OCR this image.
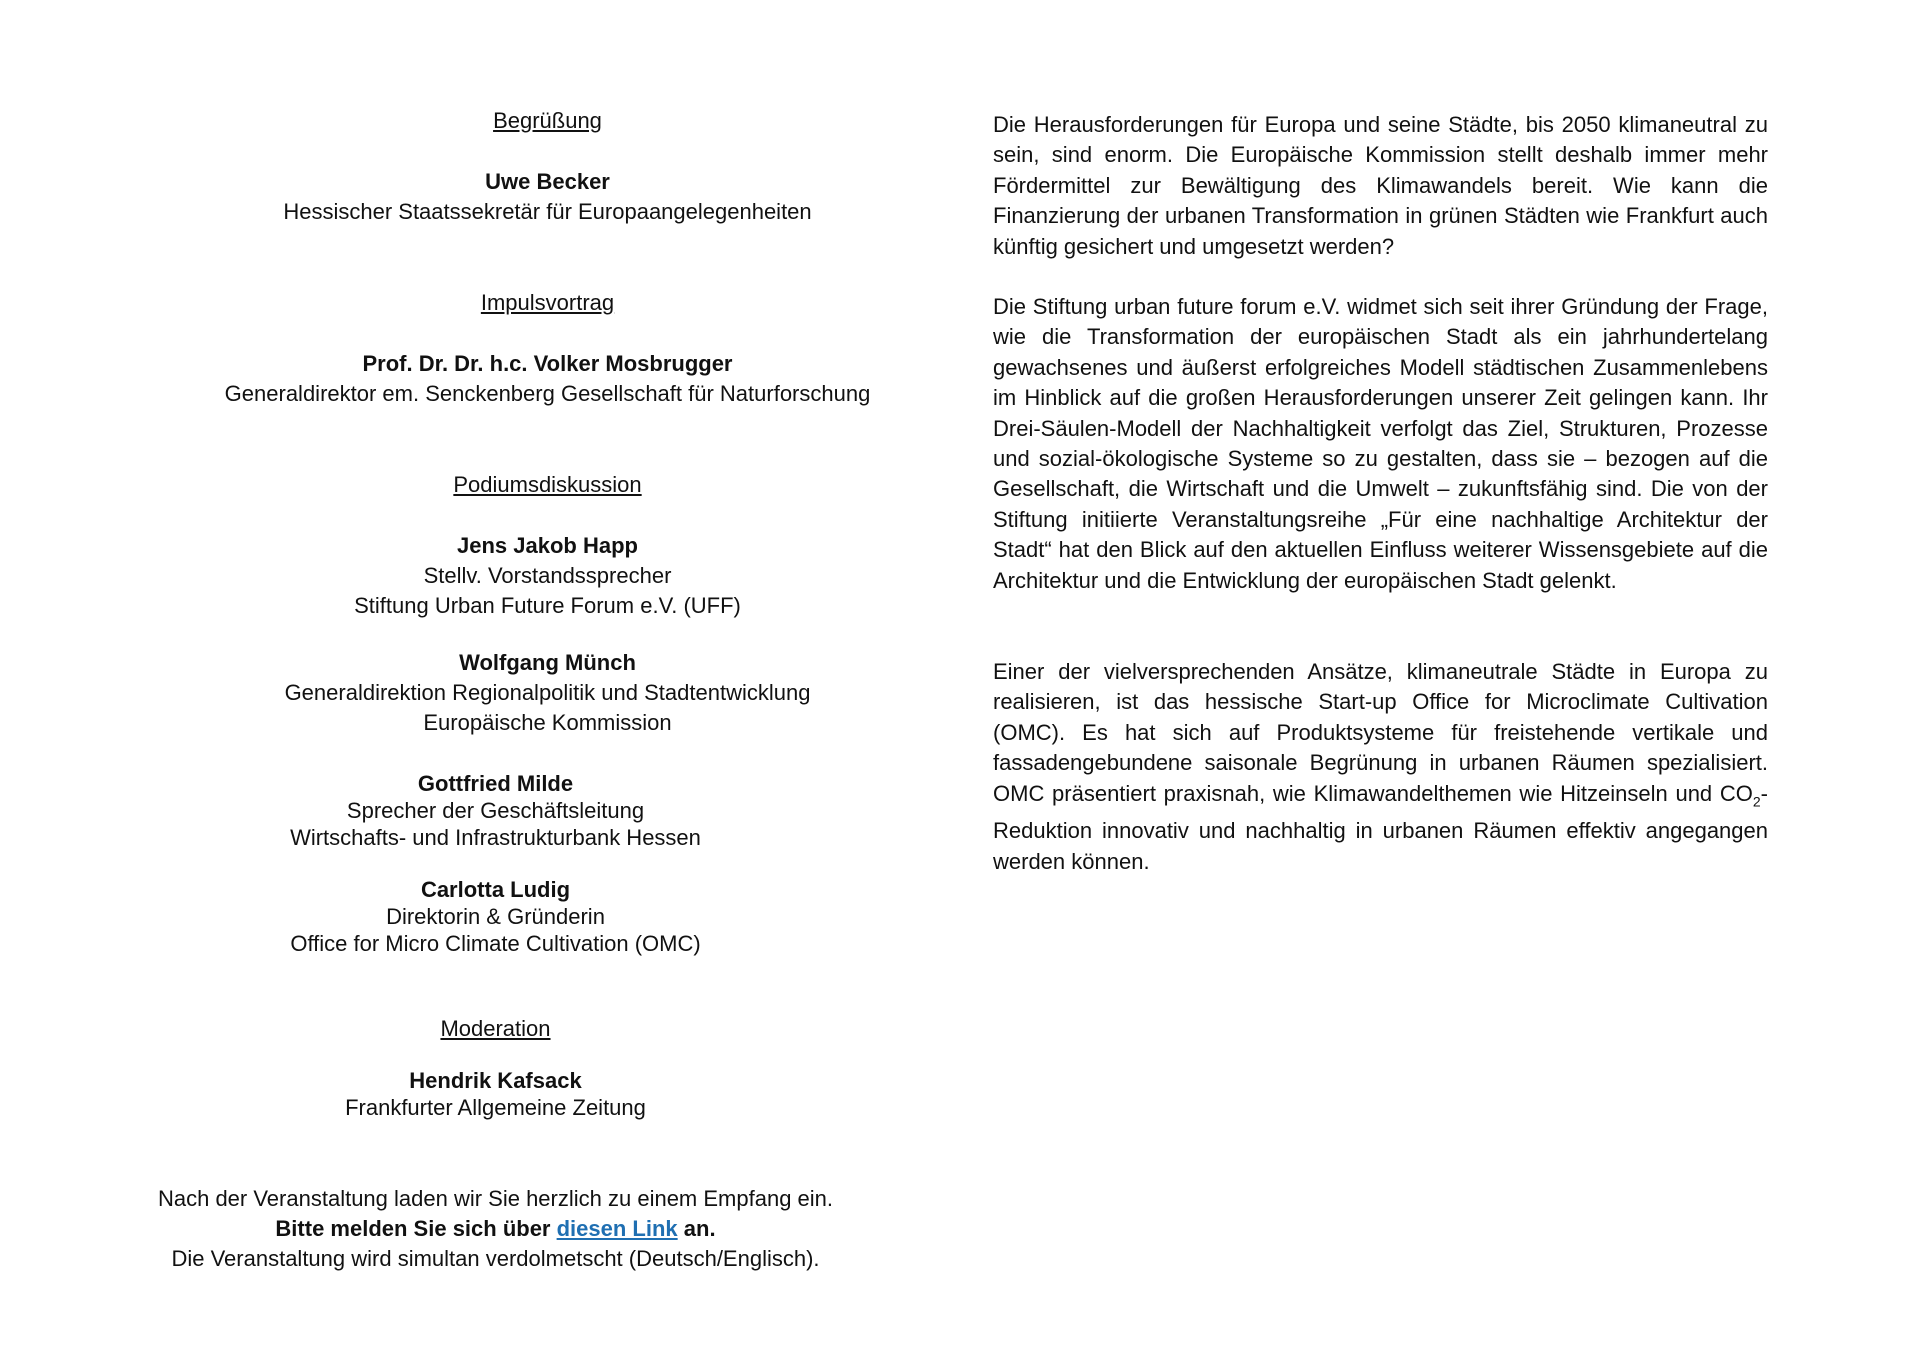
Begrüßung

Uwe Becker

Hessischer Staatssekretär für Europaangelegenheiten

Impulsvortrag

Prof. Dr. Dr. h.c. Volker Mosbrugger

Generaldirektor em. Senckenberg Gesellschaft für Naturforschung

Podiumsdiskussion

Jens Jakob Happ

Stellv. Vorstandssprecher

Stiftung Urban Future Forum e.V. (UFF)

Wolfgang Münch

Generaldirektion Regionalpolitik und Stadtentwicklung

Europäische Kommission

Gottfried Milde

Sprecher der Geschäftsleitung

Wirtschafts- und Infrastrukturbank Hessen

Carlotta Ludig

Direktorin & Gründerin

Office for Micro Climate Cultivation (OMC)

Moderation

Hendrik Kafsack

Frankfurter Allgemeine Zeitung

Nach der Veranstaltung laden wir Sie herzlich zu einem Empfang ein.

Bitte melden Sie sich über diesen Link an.

Die Veranstaltung wird simultan verdolmetscht (Deutsch/Englisch).

Die Herausforderungen für Europa und seine Städte, bis 2050 klimaneutral zu sein, sind enorm. Die Europäische Kommission stellt deshalb immer mehr Fördermittel zur Bewältigung des Klimawandels bereit. Wie kann die Finanzierung der urbanen Transformation in grünen Städten wie Frankfurt auch künftig gesichert und umgesetzt werden?

Die Stiftung urban future forum e.V. widmet sich seit ihrer Gründung der Frage, wie die Transformation der europäischen Stadt als ein jahrhundertelang gewachsenes und äußerst erfolgreiches Modell städtischen Zusammenlebens im Hinblick auf die großen Herausforderungen unserer Zeit gelingen kann. Ihr Drei-Säulen-Modell der Nachhaltigkeit verfolgt das Ziel, Strukturen, Prozesse und sozial-ökologische Systeme so zu gestalten, dass sie – bezogen auf die Gesellschaft, die Wirtschaft und die Umwelt – zukunftsfähig sind. Die von der Stiftung initiierte Veranstaltungsreihe „Für eine nachhaltige Architektur der Stadt“ hat den Blick auf den aktuellen Einfluss weiterer Wissensgebiete auf die Architektur und die Entwicklung der europäischen Stadt gelenkt.

Einer der vielversprechenden Ansätze, klimaneutrale Städte in Europa zu realisieren, ist das hessische Start-up Office for Microclimate Cultivation (OMC). Es hat sich auf Produktsysteme für freistehende vertikale und fassadengebundene saisonale Begrünung in urbanen Räumen spezialisiert. OMC präsentiert praxisnah, wie Klimawandelthemen wie Hitzeinseln und $CO_2$-Reduktion innovativ und nachhaltig in urbanen Räumen effektiv angegangen werden können.
